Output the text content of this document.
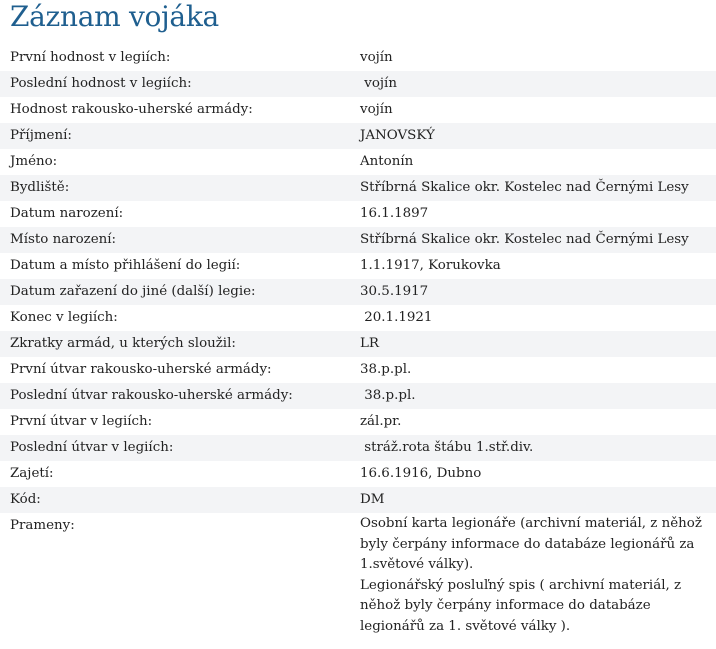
Záznam vojáka
První hodnost v legiích:	vojín
Poslední hodnost v legiích:	vojín
Hodnost rakousko-uherské armády:	vojín
Příjmení:	JANOVSKÝ
Jméno:	Antonín
Bydliště:	Stříbrná Skalice okr. Kostelec nad Černými Lesy
Datum narození:	16.1.1897
Místo narození:	Stříbrná Skalice okr. Kostelec nad Černými Lesy
Datum a místo přihlášení do legií:	1.1.1917, Korukovka
Datum zařazení do jiné (další) legie:	30.5.1917
Konec v legiích:	20.1.1921
Zkratky armád, u kterých sloužil:	LR
První útvar rakousko-uherské armády:	38.p.pl.
Poslední útvar rakousko-uherské armády:	38.p.pl.
První útvar v legiích:	zál.pr.
Poslední útvar v legiích:	stráž.rota štábu 1.stř.div.
Zajetí:	16.6.1916, Dubno
Kód:	DM
Prameny:	Osobní karta legionáře (archivní materiál, z něhož byly čerpány informace do databáze legionářů za 1.světové války).
Legionářský posluľný spis ( archivní materiál, z něhož byly čerpány informace do databáze legionářů za 1. světové války ).
